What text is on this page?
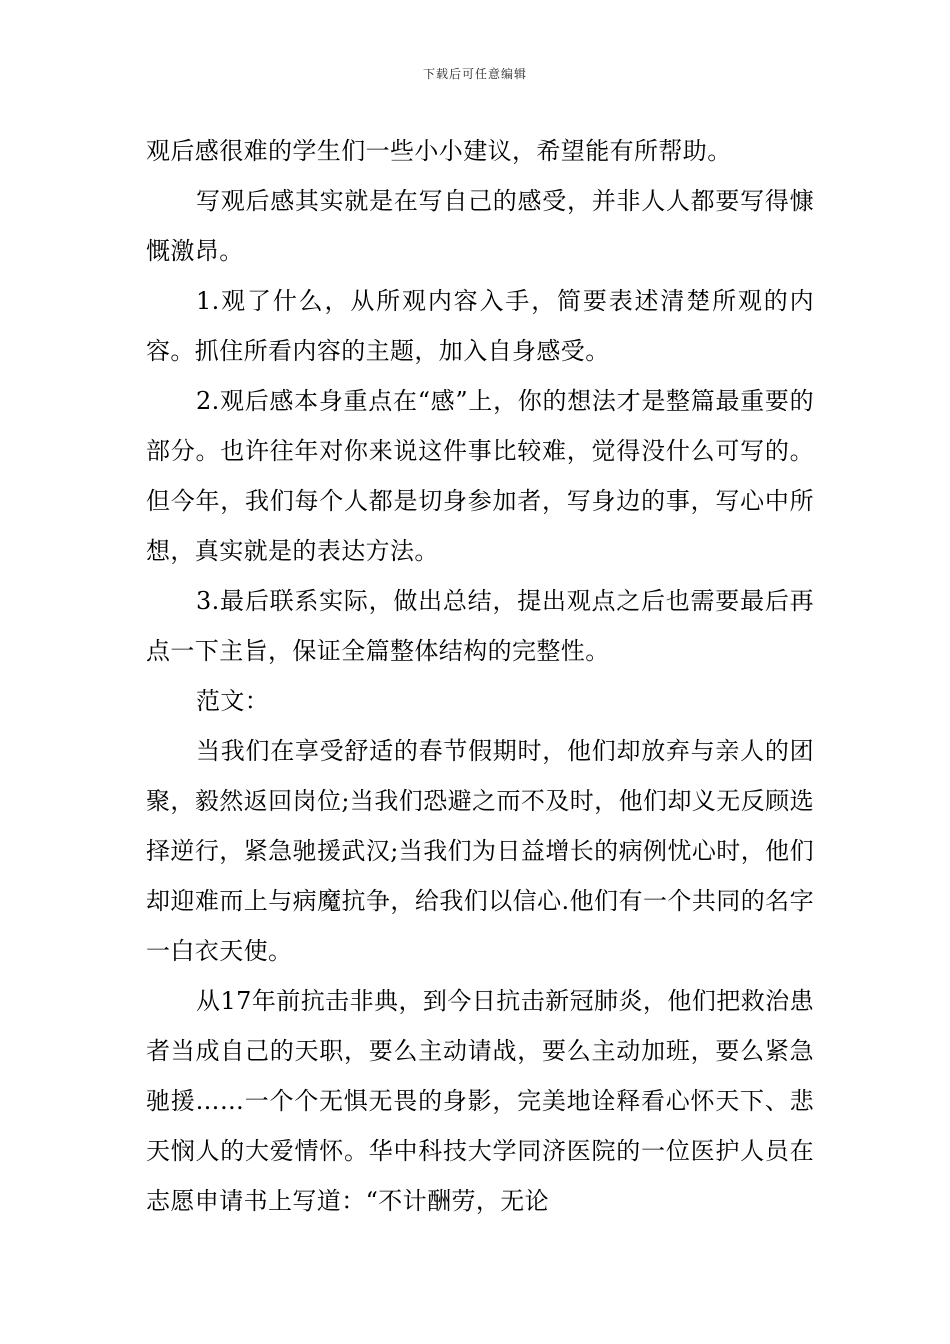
下载后可任意编辑

观后感很难的学生们一些小小建议，希望能有所帮助。

写观后感其实就是在写自己的感受，并非人人都要写得慷慨激昂。

1.观了什么，从所观内容入手，简要表述清楚所观的内容。抓住所看内容的主题，加入自身感受。

2.观后感本身重点在“感”上，你的想法才是整篇最重要的部分。也许往年对你来说这件事比较难，觉得没什么可写的。但今年，我们每个人都是切身参加者，写身边的事，写心中所想，真实就是的表达方法。

3.最后联系实际，做出总结，提出观点之后也需要最后再点一下主旨，保证全篇整体结构的完整性。

范文：

当我们在享受舒适的春节假期时，他们却放弃与亲人的团聚，毅然返回岗位;当我们恐避之而不及时，他们却义无反顾选择逆行，紧急驰援武汉;当我们为日益增长的病例忧心时，他们却迎难而上与病魔抗争，给我们以信心.他们有一个共同的名字一白衣天使。

从17年前抗击非典，到今日抗击新冠肺炎，他们把救治患者当成自己的天职，要么主动请战，要么主动加班，要么紧急驰援……一个个无惧无畏的身影，完美地诠释看心怀天下、悲天悯人的大爱情怀。华中科技大学同济医院的一位医护人员在志愿申请书上写道：“不计酬劳，无论
